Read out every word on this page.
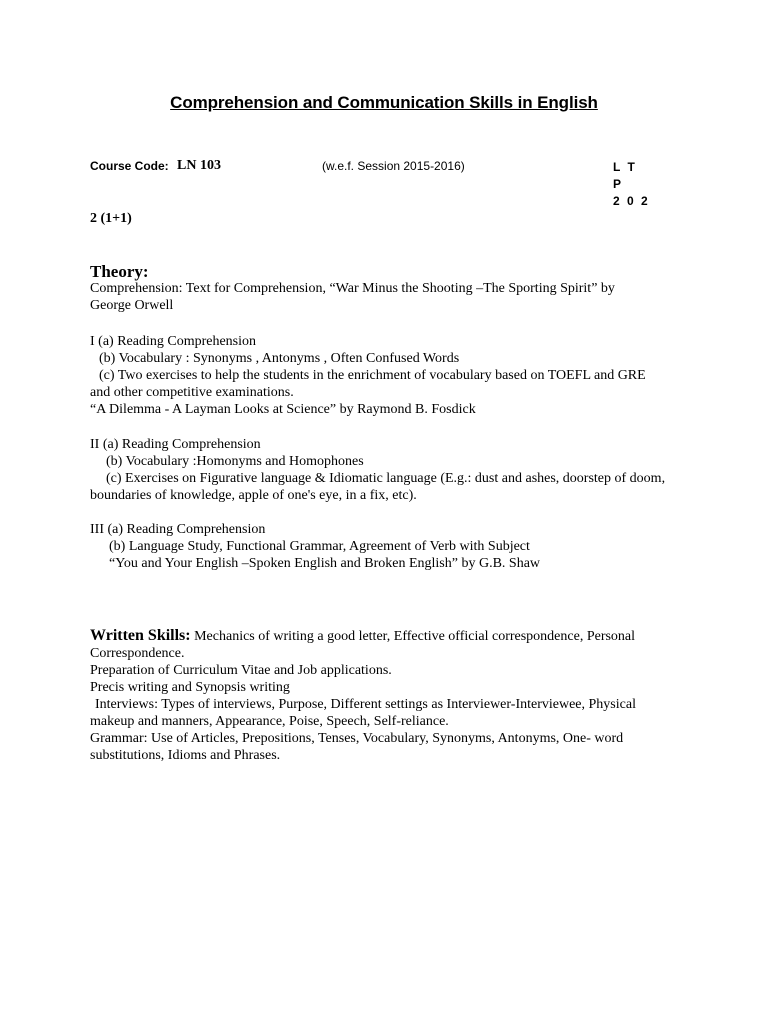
Comprehension and Communication Skills in English
Course Code: LN 103	(w.e.f. Session 2015-2016)	L T P
2 0 2
2 (1+1)
Theory:
Comprehension: Text for Comprehension, “War Minus the Shooting –The Sporting Spirit” by
George Orwell
I (a) Reading Comprehension
(b) Vocabulary : Synonyms , Antonyms , Often Confused Words
(c) Two exercises to help the students in the enrichment of vocabulary based on TOEFL and GRE
and other competitive examinations.
“A Dilemma - A Layman Looks at Science” by Raymond B. Fosdick
II (a) Reading Comprehension
(b) Vocabulary :Homonyms and Homophones
(c) Exercises on Figurative language & Idiomatic language (E.g.: dust and ashes, doorstep of doom,
boundaries of knowledge, apple of one's eye, in a fix, etc).
III (a) Reading Comprehension
(b) Language Study, Functional Grammar, Agreement of Verb with Subject
“You and Your English –Spoken English and Broken English” by G.B. Shaw
Written Skills: Mechanics of writing a good letter, Effective official correspondence, Personal
Correspondence.
Preparation of Curriculum Vitae and Job applications.
Precis writing and Synopsis writing
Interviews: Types of interviews, Purpose, Different settings as Interviewer-Interviewee, Physical
makeup and manners, Appearance, Poise, Speech, Self-reliance.
Grammar: Use of Articles, Prepositions, Tenses, Vocabulary, Synonyms, Antonyms, One- word
substitutions, Idioms and Phrases.
